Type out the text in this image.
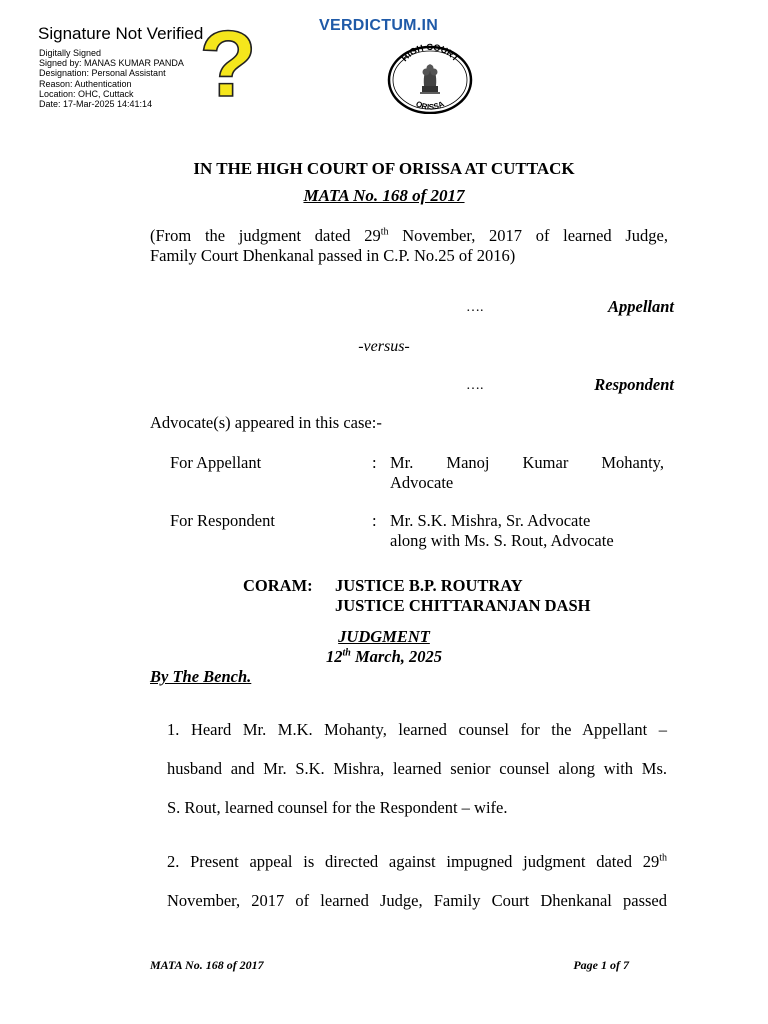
Signature Not Verified
Digitally Signed
Signed by: MANAS KUMAR PANDA
Designation: Personal Assistant
Reason: Authentication
Location: OHC, Cuttack
Date: 17-Mar-2025 14:41:14 ?	VERDICTUM.IN
HIGH COURT
ORISSA
IN THE HIGH COURT OF ORISSA AT CUTTACK
MATA No. 168 of 2017
(From the judgment dated 29th November, 2017 of learned Judge,
Family Court Dhenkanal passed in C.P. No.25 of 2016)
….	Appellant
-versus-
….	Respondent
Advocate(s) appeared in this case:-
For Appellant	: Mr. Manoj Kumar Mohanty,
Advocate
For Respondent	: Mr. S.K. Mishra, Sr. Advocate
along with Ms. S. Rout, Advocate
CORAM: JUSTICE B.P. ROUTRAY
JUSTICE CHITTARANJAN DASH
JUDGMENT
12th March, 2025
By The Bench.
1. Heard Mr. M.K. Mohanty, learned counsel for the Appellant –
husband and Mr. S.K. Mishra, learned senior counsel along with Ms.
S. Rout, learned counsel for the Respondent – wife.
2. Present appeal is directed against impugned judgment dated 29th
November, 2017 of learned Judge, Family Court Dhenkanal passed
MATA No. 168 of 2017	Page 1 of 7
